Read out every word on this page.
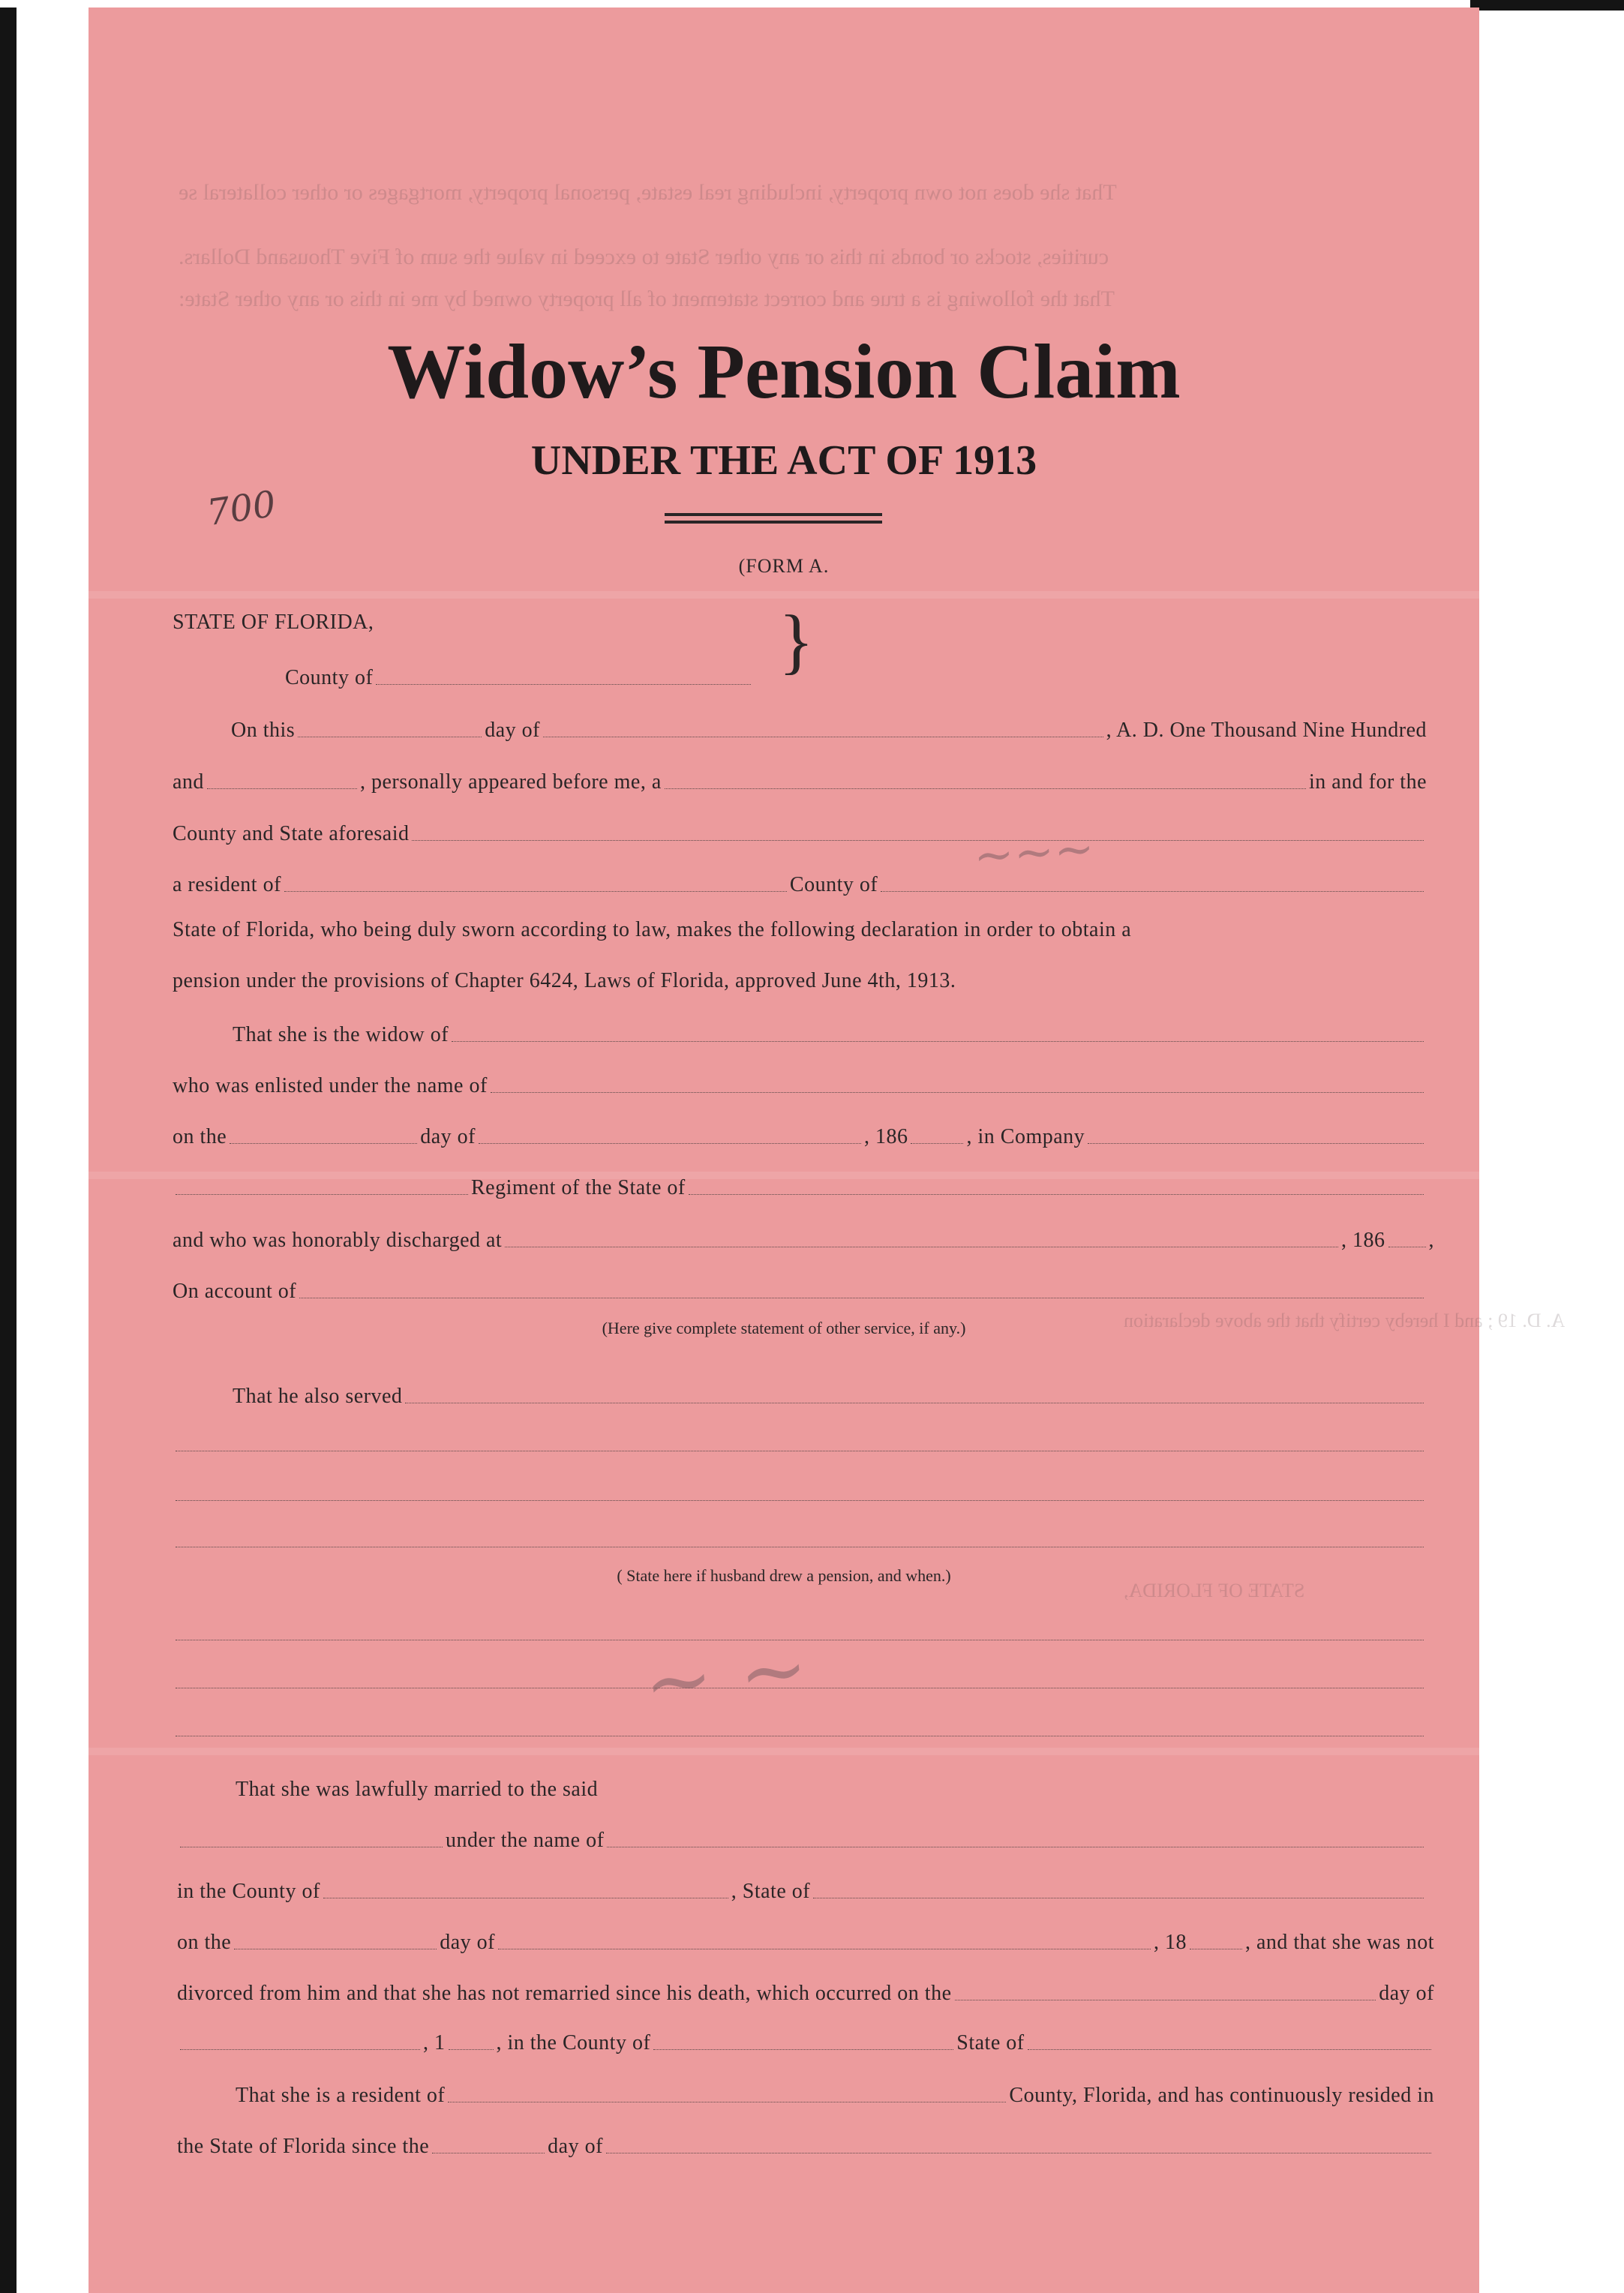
That she does not own property, including real estate, personal property, mortgages or other collateral se
curities, stocks or bonds in this or any other State to exceed in value the sum of Five Thousand Dollars.
That the following is a true and correct statement of all property owned by me in this or any other State:
A. D. 19 ; and I hereby certify that the above declaration
STATE OF FLORIDA,
~~~
~ ~
700
Widow’s Pension Claim
UNDER THE ACT OF 1913
(FORM A.
STATE OF FLORIDA,
County of	}
On this	day of	, A. D. One Thousand Nine Hundred
and	, personally appeared before me, a	in and for the
County and State aforesaid
a resident of	County of
State of Florida, who being duly sworn according to law, makes the following declaration in order to obtain a
pension under the provisions of Chapter 6424, Laws of Florida, approved June 4th, 1913.
That she is the widow of
who was enlisted under the name of
on the	day of	, 186	, in Company
Regiment of the State of
and who was honorably discharged at	, 186 ,
On account of
(Here give complete statement of other service, if any.)
That he also served
( State here if husband drew a pension, and when.)
That she was lawfully married to the said
under the name of
in the County of	, State of
on the	day of	, 18	, and that she was not
divorced from him and that she has not remarried since his death, which occurred on the	day of
, 1 , in the County of	State of
That she is a resident of	County, Florida, and has continuously resided in
the State of Florida since the	day of
